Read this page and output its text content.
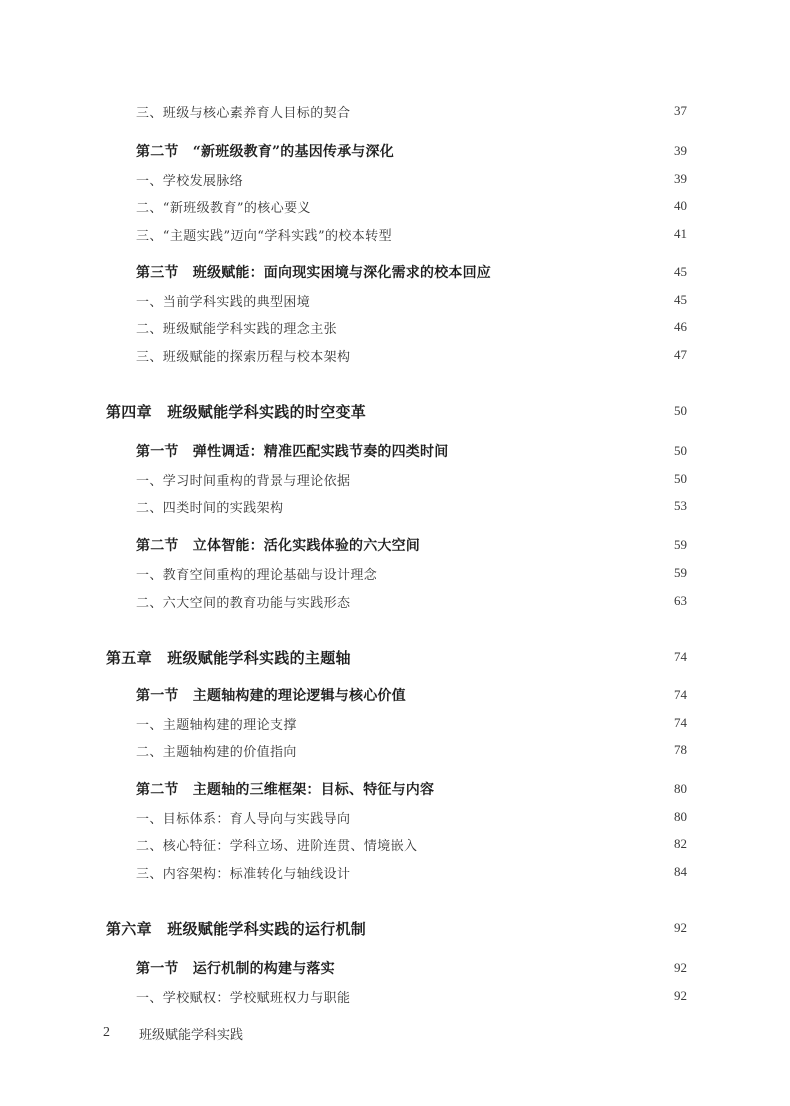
三、班级与核心素养育人目标的契合	37
第二节　“新班级教育”的基因传承与深化	39
一、学校发展脉络	39
二、“新班级教育”的核心要义	40
三、“主题实践”迈向“学科实践”的校本转型	41
第三节　班级赋能：面向现实困境与深化需求的校本回应	45
一、当前学科实践的典型困境	45
二、班级赋能学科实践的理念主张	46
三、班级赋能的探索历程与校本架构	47
第四章　班级赋能学科实践的时空变革	50
第一节　弹性调适：精准匹配实践节奏的四类时间	50
一、学习时间重构的背景与理论依据	50
二、四类时间的实践架构	53
第二节　立体智能：活化实践体验的六大空间	59
一、教育空间重构的理论基础与设计理念	59
二、六大空间的教育功能与实践形态	63
第五章　班级赋能学科实践的主题轴	74
第一节　主题轴构建的理论逻辑与核心价值	74
一、主题轴构建的理论支撑	74
二、主题轴构建的价值指向	78
第二节　主题轴的三维框架：目标、特征与内容	80
一、目标体系：育人导向与实践导向	80
二、核心特征：学科立场、进阶连贯、情境嵌入	82
三、内容架构：标准转化与轴线设计	84
第六章　班级赋能学科实践的运行机制	92
第一节　运行机制的构建与落实	92
一、学校赋权：学校赋班权力与职能	92
2	班级赋能学科实践
